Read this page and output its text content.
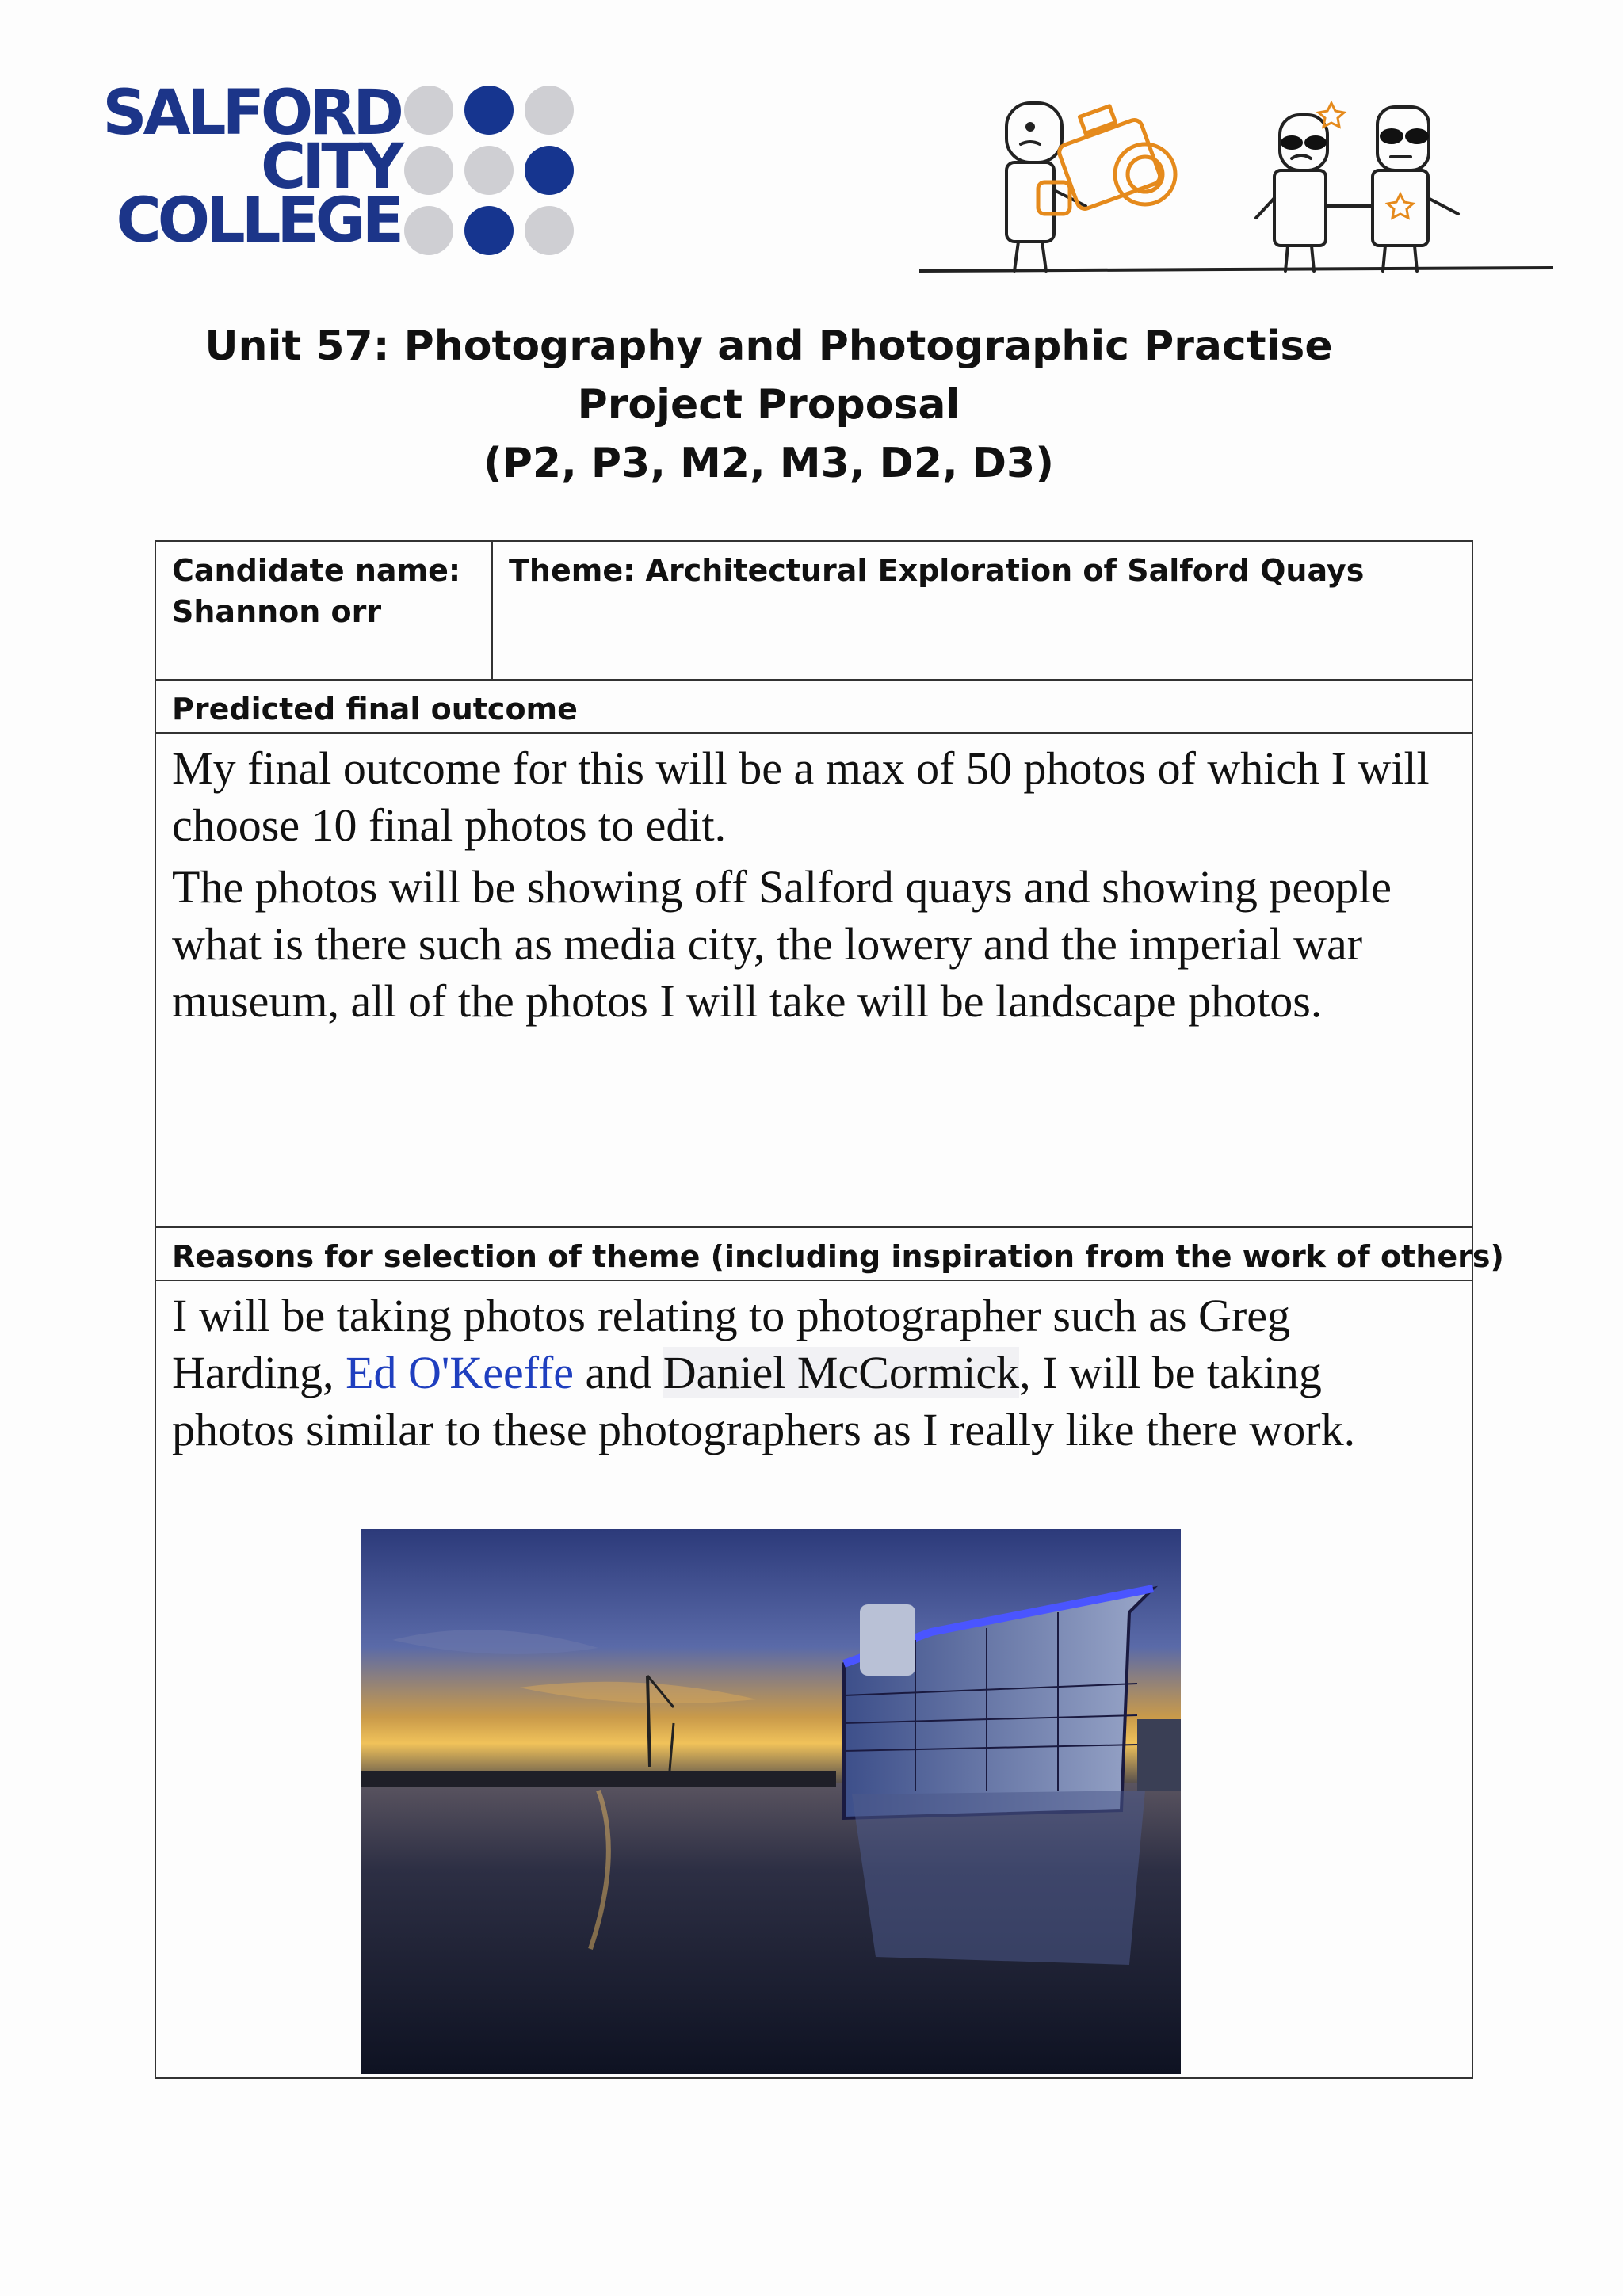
SALFORD
CITY
COLLEGE
Unit 57: Photography and Photographic Practise
Project Proposal
(P2, P3, M2, M3, D2, D3)
Candidate name:
Shannon orr
Theme: Architectural Exploration of Salford Quays
Predicted final outcome

My final outcome for this will be a max of 50 photos of which I will choose 10 final photos to edit.

The photos will be showing off Salford quays and showing people what is there such as media city, the lowery and the imperial war museum, all of the photos I will take will be landscape photos.

Reasons for selection of theme (including inspiration from the work of others)
I will be taking photos relating to photographer such as Greg Harding, Ed O'Keeffe and Daniel McCormick, I will be taking photos similar to these photographers as I really like there work.
